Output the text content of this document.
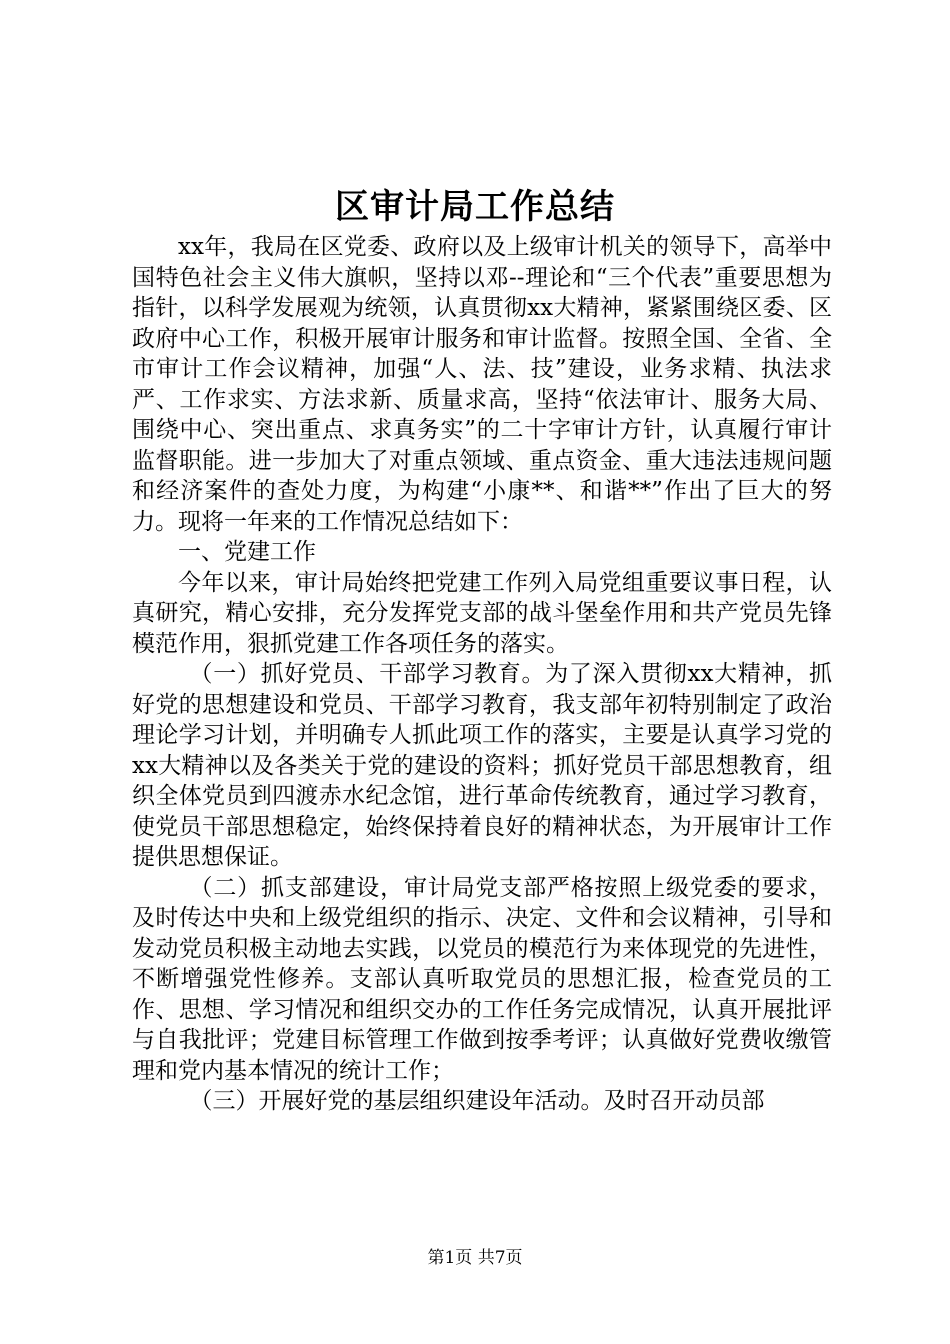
区审计局工作总结

xx年，我局在区党委、政府以及上级审计机关的领导下，高举中国特色社会主义伟大旗帜，坚持以邓--理论和“三个代表”重要思想为指针，以科学发展观为统领，认真贯彻xx大精神，紧紧围绕区委、区政府中心工作，积极开展审计服务和审计监督。按照全国、全省、全市审计工作会议精神，加强“人、法、技”建设，业务求精、执法求严、工作求实、方法求新、质量求高，坚持“依法审计、服务大局、围绕中心、突出重点、求真务实”的二十字审计方针，认真履行审计监督职能。进一步加大了对重点领域、重点资金、重大违法违规问题和经济案件的查处力度，为构建“小康**、和谐**”作出了巨大的努力。现将一年来的工作情况总结如下：

一、党建工作

今年以来，审计局始终把党建工作列入局党组重要议事日程，认真研究，精心安排，充分发挥党支部的战斗堡垒作用和共产党员先锋模范作用，狠抓党建工作各项任务的落实。

（一）抓好党员、干部学习教育。为了深入贯彻xx大精神，抓好党的思想建设和党员、干部学习教育，我支部年初特别制定了政治理论学习计划，并明确专人抓此项工作的落实，主要是认真学习党的xx大精神以及各类关于党的建设的资料；抓好党员干部思想教育，组织全体党员到四渡赤水纪念馆，进行革命传统教育，通过学习教育，使党员干部思想稳定，始终保持着良好的精神状态，为开展审计工作提供思想保证。

（二）抓支部建设，审计局党支部严格按照上级党委的要求，及时传达中央和上级党组织的指示、决定、文件和会议精神，引导和发动党员积极主动地去实践，以党员的模范行为来体现党的先进性，不断增强党性修养。支部认真听取党员的思想汇报，检查党员的工作、思想、学习情况和组织交办的工作任务完成情况，认真开展批评与自我批评；党建目标管理工作做到按季考评；认真做好党费收缴管理和党内基本情况的统计工作；

（三）开展好党的基层组织建设年活动。及时召开动员部

第1页 共7页
